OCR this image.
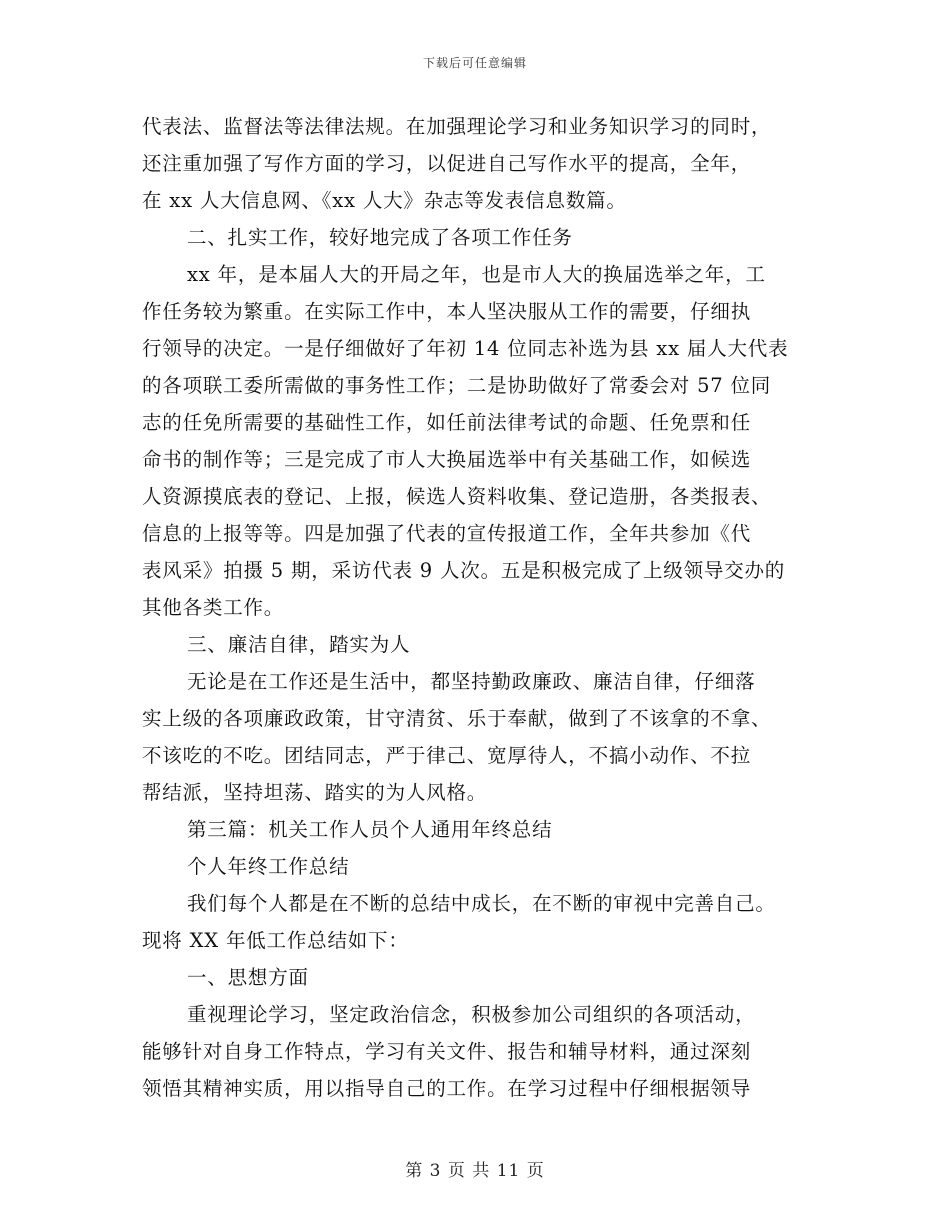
下载后可任意编辑
代表法、监督法等法律法规。在加强理论学习和业务知识学习的同时，
还注重加强了写作方面的学习，以促进自己写作水平的提高，全年，
在 xx 人大信息网、《xx 人大》杂志等发表信息数篇。
二、扎实工作，较好地完成了各项工作任务
xx 年，是本届人大的开局之年，也是市人大的换届选举之年，工
作任务较为繁重。在实际工作中，本人坚决服从工作的需要，仔细执
行领导的决定。一是仔细做好了年初 14 位同志补选为县 xx 届人大代表
的各项联工委所需做的事务性工作；二是协助做好了常委会对 57 位同
志的任免所需要的基础性工作，如任前法律考试的命题、任免票和任
命书的制作等；三是完成了市人大换届选举中有关基础工作，如候选
人资源摸底表的登记、上报，候选人资料收集、登记造册，各类报表、
信息的上报等等。四是加强了代表的宣传报道工作，全年共参加《代
表风采》拍摄 5 期，采访代表 9 人次。五是积极完成了上级领导交办的
其他各类工作。
三、廉洁自律，踏实为人
无论是在工作还是生活中，都坚持勤政廉政、廉洁自律，仔细落
实上级的各项廉政政策，甘守清贫、乐于奉献，做到了不该拿的不拿、
不该吃的不吃。团结同志，严于律己、宽厚待人，不搞小动作、不拉
帮结派，坚持坦荡、踏实的为人风格。
第三篇：机关工作人员个人通用年终总结
个人年终工作总结
我们每个人都是在不断的总结中成长，在不断的审视中完善自己。
现将 XX 年低工作总结如下：
一、思想方面
重视理论学习，坚定政治信念，积极参加公司组织的各项活动，
能够针对自身工作特点，学习有关文件、报告和辅导材料，通过深刻
领悟其精神实质，用以指导自己的工作。在学习过程中仔细根据领导
第 3 页 共 11 页
